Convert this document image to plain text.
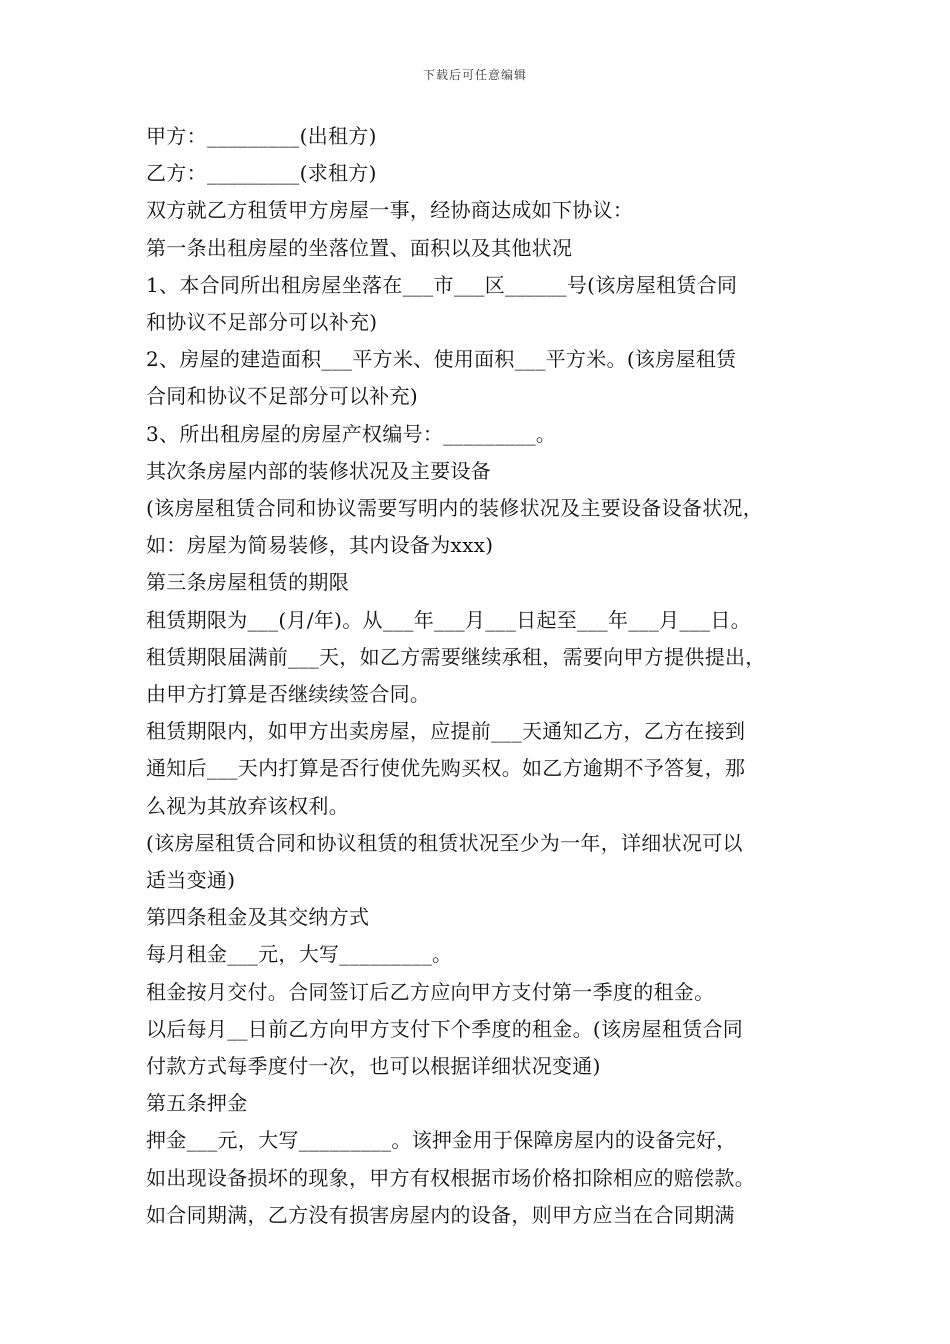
下载后可任意编辑
甲方：_________(出租方)
乙方：_________(求租方)
双方就乙方租赁甲方房屋一事，经协商达成如下协议：
第一条出租房屋的坐落位置、面积以及其他状况
1、本合同所出租房屋坐落在___市___区______号(该房屋租赁合同
和协议不足部分可以补充)
2、房屋的建造面积___平方米、使用面积___平方米。(该房屋租赁
合同和协议不足部分可以补充)
3、所出租房屋的房屋产权编号：_________。
其次条房屋内部的装修状况及主要设备
(该房屋租赁合同和协议需要写明内的装修状况及主要设备设备状况，
如：房屋为简易装修，其内设备为xxx)
第三条房屋租赁的期限
租赁期限为___(月/年)。从___年___月___日起至___年___月___日。
租赁期限届满前___天，如乙方需要继续承租，需要向甲方提供提出，
由甲方打算是否继续续签合同。
租赁期限内，如甲方出卖房屋，应提前___天通知乙方，乙方在接到
通知后___天内打算是否行使优先购买权。如乙方逾期不予答复，那
么视为其放弃该权利。
(该房屋租赁合同和协议租赁的租赁状况至少为一年，详细状况可以
适当变通)
第四条租金及其交纳方式
每月租金___元，大写_________。
租金按月交付。合同签订后乙方应向甲方支付第一季度的租金。
以后每月__日前乙方向甲方支付下个季度的租金。(该房屋租赁合同
付款方式每季度付一次，也可以根据详细状况变通)
第五条押金
押金___元，大写_________。该押金用于保障房屋内的设备完好，
如出现设备损坏的现象，甲方有权根据市场价格扣除相应的赔偿款。
如合同期满，乙方没有损害房屋内的设备，则甲方应当在合同期满
